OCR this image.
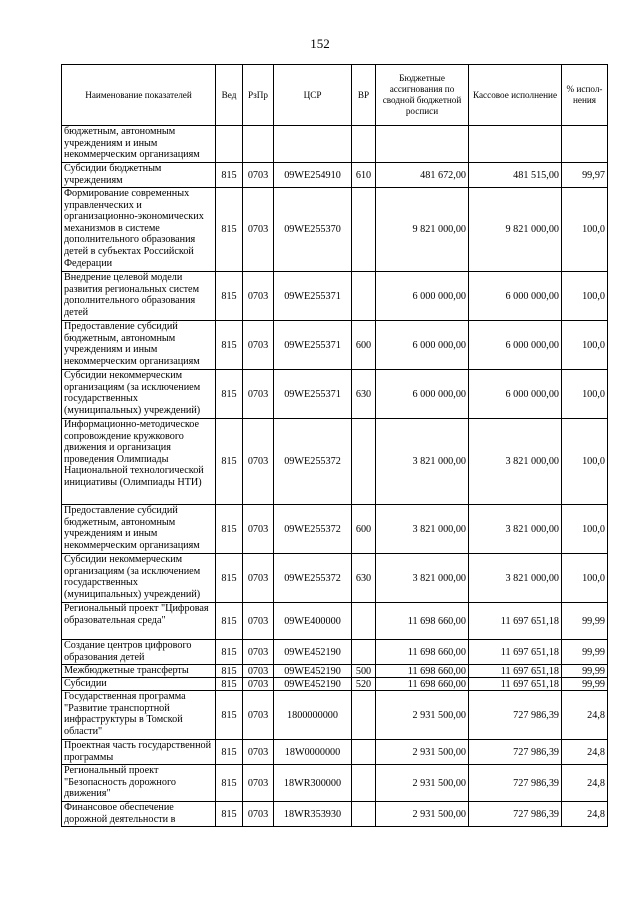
152
Наименование показателей	Вед	РзПр	ЦСР	ВР	Бюджетные ассигнования по сводной бюджетной росписи	Кассовое исполнение	% испол- нения
бюджетным, автономным учреждениям и иным некоммерческим организациям							
Субсидии бюджетным учреждениям	815	0703	09WE254910	610	481 672,00	481 515,00	99,97
Формирование современных управленческих и организационно-экономических механизмов в системе дополнительного образования детей в субъектах Российской Федерации	815	0703	09WE255370		9 821 000,00	9 821 000,00	100,0
Внедрение целевой модели развития региональных систем дополнительного образования детей	815	0703	09WE255371		6 000 000,00	6 000 000,00	100,0
Предоставление субсидий бюджетным, автономным учреждениям и иным некоммерческим организациям	815	0703	09WE255371	600	6 000 000,00	6 000 000,00	100,0
Субсидии некоммерческим организациям (за исключением государственных (муниципальных) учреждений)	815	0703	09WE255371	630	6 000 000,00	6 000 000,00	100,0
Информационно-методическое сопровождение кружкового движения и организация проведения Олимпиады Национальной технологической инициативы (Олимпиады НТИ)	815	0703	09WE255372		3 821 000,00	3 821 000,00	100,0
Предоставление субсидий бюджетным, автономным учреждениям и иным некоммерческим организациям	815	0703	09WE255372	600	3 821 000,00	3 821 000,00	100,0
Субсидии некоммерческим организациям (за исключением государственных (муниципальных) учреждений)	815	0703	09WE255372	630	3 821 000,00	3 821 000,00	100,0
Региональный проект "Цифровая образовательная среда"	815	0703	09WE400000		11 698 660,00	11 697 651,18	99,99
Создание центров цифрового образования детей	815	0703	09WE452190		11 698 660,00	11 697 651,18	99,99
Межбюджетные трансферты	815	0703	09WE452190	500	11 698 660,00	11 697 651,18	99,99
Субсидии	815	0703	09WE452190	520	11 698 660,00	11 697 651,18	99,99
Государственная программа "Развитие транспортной инфраструктуры в Томской области"	815	0703	1800000000		2 931 500,00	727 986,39	24,8
Проектная часть государственной программы	815	0703	18W0000000		2 931 500,00	727 986,39	24,8
Региональный проект "Безопасность дорожного движения"	815	0703	18WR300000		2 931 500,00	727 986,39	24,8
Финансовое обеспечение дорожной деятельности в	815	0703	18WR353930		2 931 500,00	727 986,39	24,8
